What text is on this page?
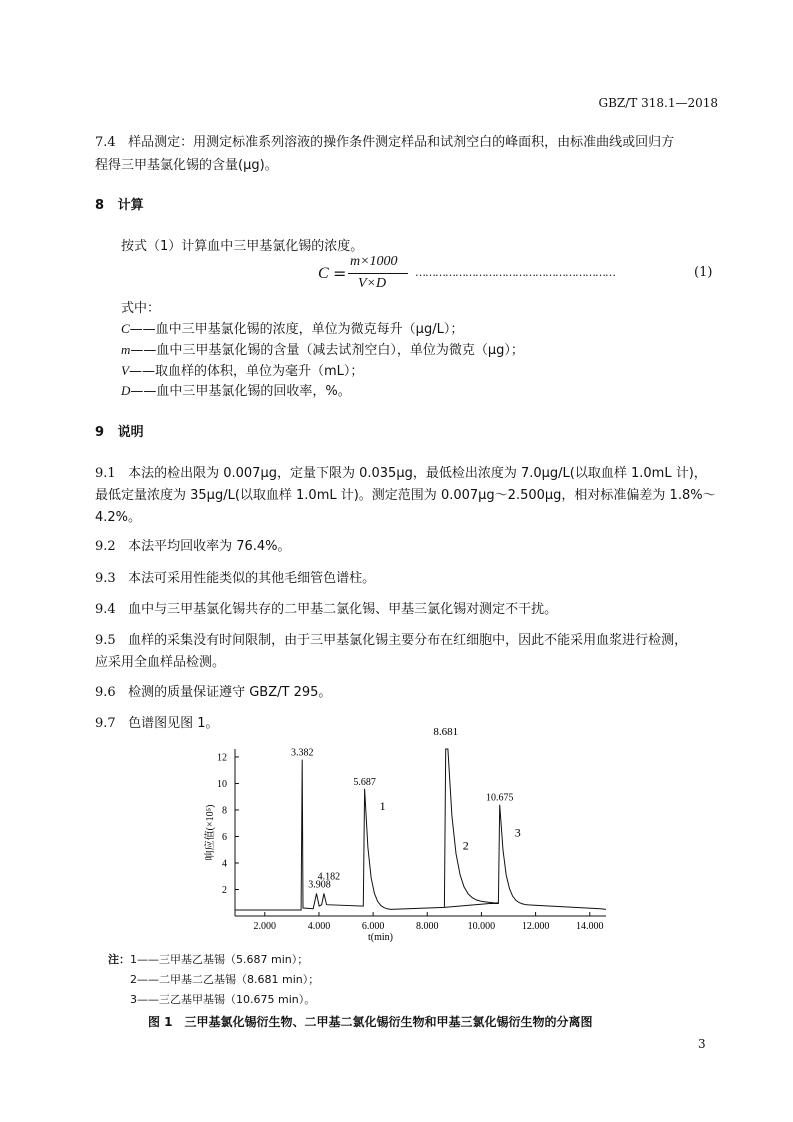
GBZ/T 318.1—2018
7.4 样品测定：用测定标准系列溶液的操作条件测定样品和试剂空白的峰面积，由标准曲线或回归方
程得三甲基氯化锡的含量(μg)。
8 计算
按式（1）计算血中三甲基氯化锡的浓度。
C =
m×1000
V×D
……………………………………………………	(1)
式中：
C——血中三甲基氯化锡的浓度，单位为微克每升（μg/L）；
m——血中三甲基氯化锡的含量（减去试剂空白），单位为微克（μg）；
V——取血样的体积，单位为毫升（mL）；
D——血中三甲基氯化锡的回收率，%。
9 说明
9.1 本法的检出限为 0.007μg，定量下限为 0.035μg，最低检出浓度为 7.0μg/L(以取血样 1.0mL 计)，
最低定量浓度为 35μg/L(以取血样 1.0mL 计)。测定范围为 0.007μg～2.500μg，相对标准偏差为 1.8%～
4.2%。
9.2 本法平均回收率为 76.4%。
9.3 本法可采用性能类似的其他毛细管色谱柱。
9.4 血中与三甲基氯化锡共存的二甲基二氯化锡、甲基三氯化锡对测定不干扰。
9.5 血样的采集没有时间限制，由于三甲基氯化锡主要分布在红细胞中，因此不能采用血浆进行检测，
应采用全血样品检测。
9.6 检测的质量保证遵守 GBZ/T 295。
9.7 色谱图见图 1。
2
4
6
8
10
12
2.000	4.000	6.000	8.000	10.000	12.000	14.000
t(min)
响应值(×10⁵)
3.382
3.908
4.182
5.687
8.681
10.675
1
2
3
注： 1——三甲基乙基锡（5.687 min）；
2——二甲基二乙基锡（8.681 min）；
3——三乙基甲基锡（10.675 min）。
图 1　三甲基氯化锡衍生物、二甲基二氯化锡衍生物和甲基三氯化锡衍生物的分离图
3
